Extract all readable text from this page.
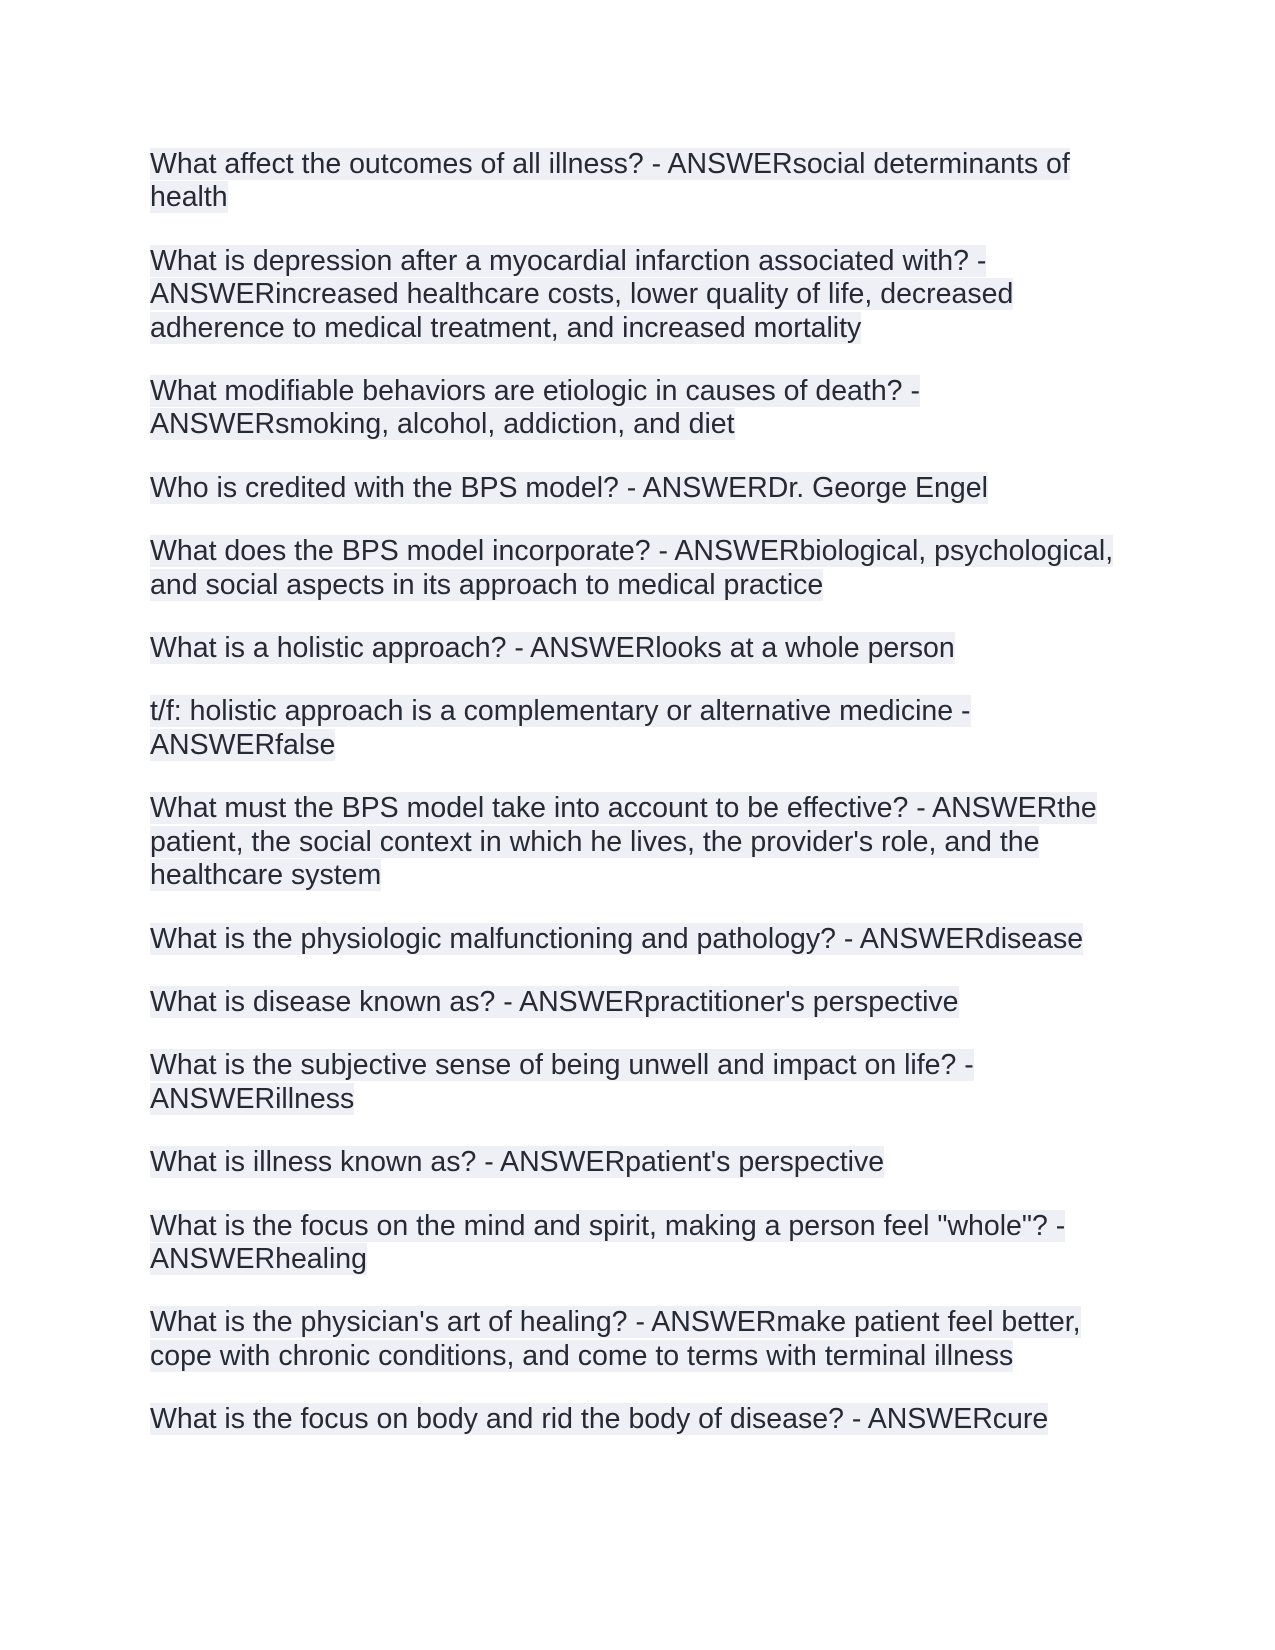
What affect the outcomes of all illness? - ANSWERsocial determinants of health

What is depression after a myocardial infarction associated with? - ANSWERincreased healthcare costs, lower quality of life, decreased adherence to medical treatment, and increased mortality

What modifiable behaviors are etiologic in causes of death? - ANSWERsmoking, alcohol, addiction, and diet

Who is credited with the BPS model? - ANSWERDr. George Engel

What does the BPS model incorporate? - ANSWERbiological, psychological, and social aspects in its approach to medical practice

What is a holistic approach? - ANSWERlooks at a whole person

t/f: holistic approach is a complementary or alternative medicine - ANSWERfalse

What must the BPS model take into account to be effective? - ANSWERthe patient, the social context in which he lives, the provider's role, and the healthcare system

What is the physiologic malfunctioning and pathology? - ANSWERdisease

What is disease known as? - ANSWERpractitioner's perspective

What is the subjective sense of being unwell and impact on life? - ANSWERillness

What is illness known as? - ANSWERpatient's perspective

What is the focus on the mind and spirit, making a person feel "whole"? - ANSWERhealing

What is the physician's art of healing? - ANSWERmake patient feel better, cope with chronic conditions, and come to terms with terminal illness

What is the focus on body and rid the body of disease? - ANSWERcure
